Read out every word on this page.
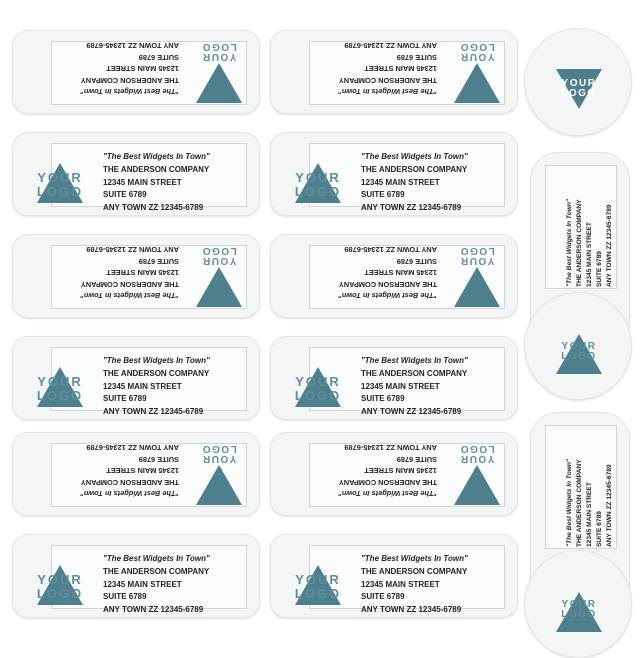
YOUR
LOGO
"The Best Widgets In Town"
THE ANDERSON COMPANY
12345 MAIN STREET
SUITE 6789
ANY TOWN ZZ 12345-6789
YOUR
LOGO
"The Best Widgets In Town"
THE ANDERSON COMPANY
12345 MAIN STREET
SUITE 6789
ANY TOWN ZZ 12345-6789
YOUR
LOGO
YOUR
LOGO
"The Best Widgets In Town"
THE ANDERSON COMPANY
12345 MAIN STREET
SUITE 6789
ANY TOWN ZZ 12345-6789
YOUR
LOGO
"The Best Widgets In Town"
THE ANDERSON COMPANY
12345 MAIN STREET
SUITE 6789
ANY TOWN ZZ 12345-6789	"The Best Widgets In Town" THE ANDERSON COMPANY 12345 MAIN STREET SUITE 6789 ANY TOWN ZZ 12345-6789

YOUR
LOGO
"The Best Widgets In Town"
THE ANDERSON COMPANY
12345 MAIN STREET
SUITE 6789
ANY TOWN ZZ 12345-6789
YOUR
LOGO
"The Best Widgets In Town"
THE ANDERSON COMPANY
12345 MAIN STREET
SUITE 6789
ANY TOWN ZZ 12345-6789
YOUR
LOGO
"The Best Widgets In Town"
THE ANDERSON COMPANY
12345 MAIN STREET
SUITE 6789
ANY TOWN ZZ 12345-6789
YOUR
LOGO
"The Best Widgets In Town"
THE ANDERSON COMPANY
12345 MAIN STREET
SUITE 6789
ANY TOWN ZZ 12345-6789
YOUR
LOGO
YOUR
LOGO
"The Best Widgets In Town"
THE ANDERSON COMPANY
12345 MAIN STREET
SUITE 6789
ANY TOWN ZZ 12345-6789
YOUR
LOGO
"The Best Widgets In Town"
THE ANDERSON COMPANY
12345 MAIN STREET
SUITE 6789
ANY TOWN ZZ 12345-6789
"The Best Widgets In Town" THE ANDERSON COMPANY 12345 MAIN STREET SUITE 6789 ANY TOWN ZZ 12345-6789

YOUR
LOGO
"The Best Widgets In Town"
THE ANDERSON COMPANY
12345 MAIN STREET
SUITE 6789
ANY TOWN ZZ 12345-6789
YOUR
LOGO
"The Best Widgets In Town"
THE ANDERSON COMPANY
12345 MAIN STREET
SUITE 6789
ANY TOWN ZZ 12345-6789
YOUR
LOGO
